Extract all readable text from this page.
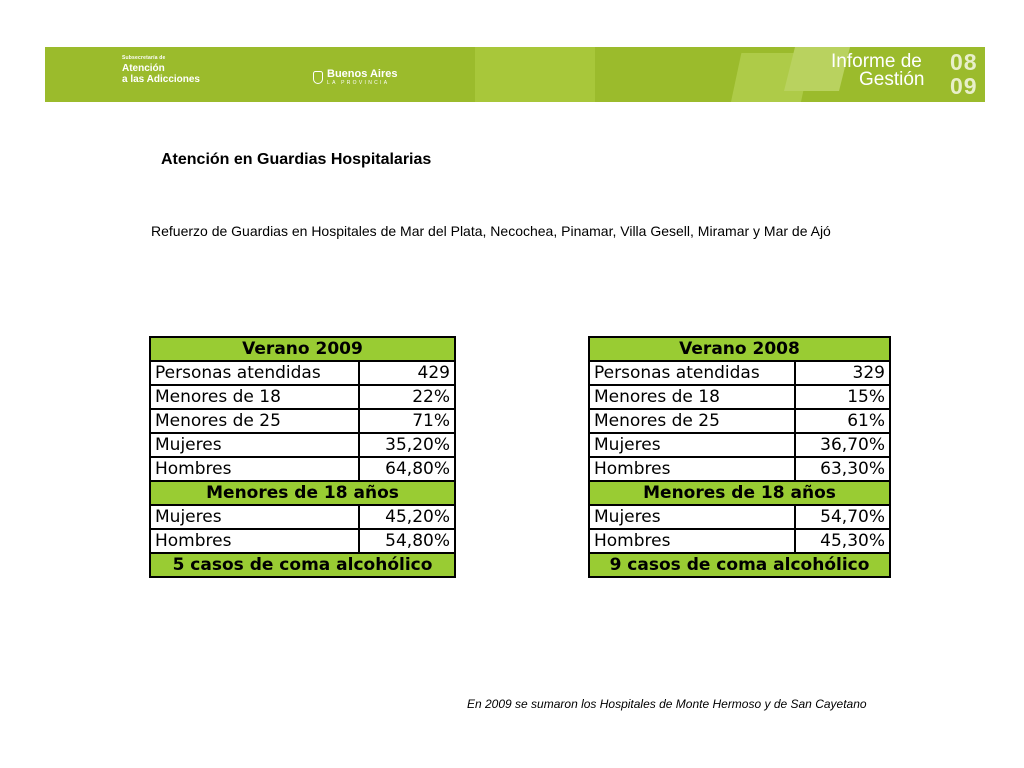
Subsecretaría de
Atención
a las Adicciones	Buenos Aires
LA PROVINCIA
Informe de
Gestión
08
09
Atención en Guardias Hospitalarias
Refuerzo de Guardias en Hospitales de Mar del Plata, Necochea, Pinamar, Villa Gesell, Miramar y Mar de Ajó
Verano 2009	
Personas atendidas	429
Menores de 18	22%
Menores de 25	71%
Mujeres	35,20%
Hombres	64,80%
Menores de 18 años	
Mujeres	45,20%
Hombres	54,80%
5 casos de coma alcohólico	
Verano 2008	
Personas atendidas	329
Menores de 18	15%
Menores de 25	61%
Mujeres	36,70%
Hombres	63,30%
Menores de 18 años	
Mujeres	54,70%
Hombres	45,30%
9 casos de coma alcohólico	
En 2009 se sumaron los Hospitales de Monte Hermoso y de San Cayetano
